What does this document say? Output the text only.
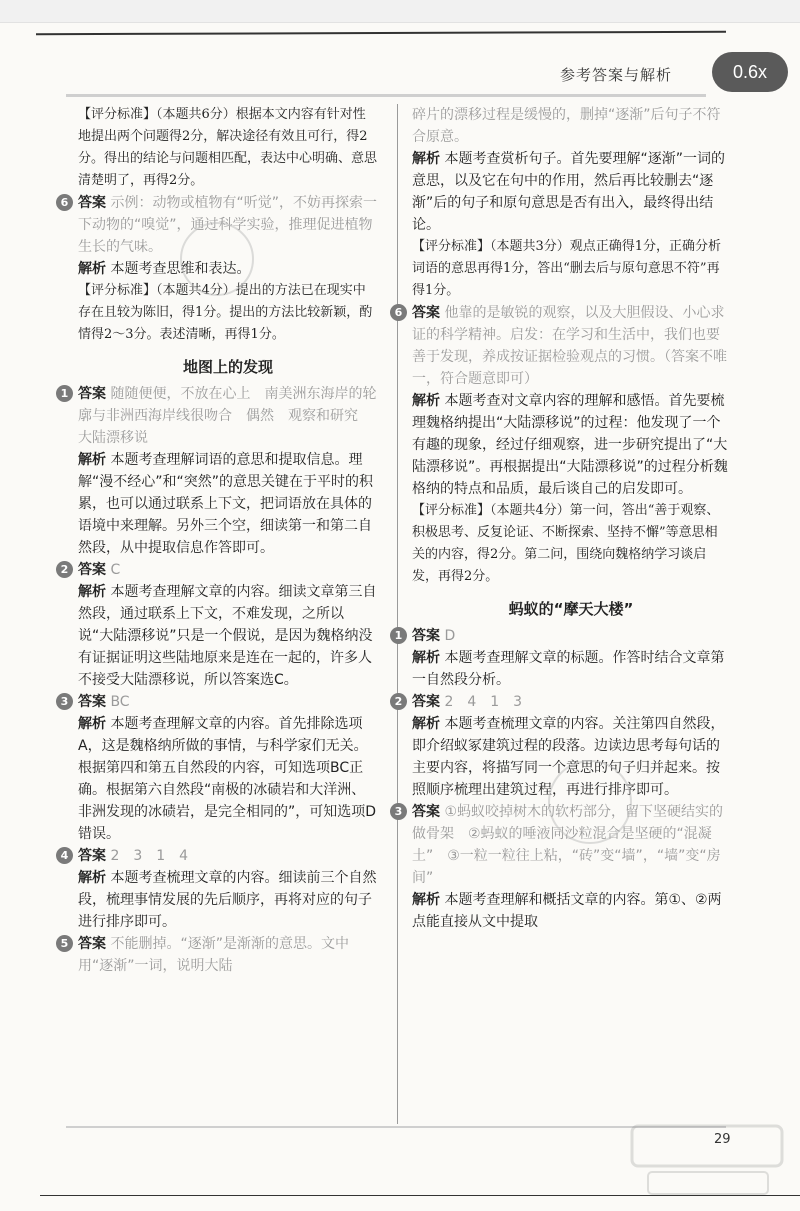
参考答案与解析	0.6x

【评分标准】（本题共6分）根据本文内容有针对性地提出两个问题得2分，解决途径有效且可行，得2分。得出的结论与问题相匹配，表达中心明确、意思清楚明了，再得2分。

6 答案 示例：动物或植物有“听觉”，不妨再探索一下动物的“嗅觉”，通过科学实验，推理促进植物生长的气味。

解析 本题考查思维和表达。

【评分标准】（本题共4分）提出的方法已在现实中存在且较为陈旧，得1分。提出的方法比较新颖，酌情得2～3分。表述清晰，再得1分。

地图上的发现
1 答案 随随便便，不放在心上　南美洲东海岸的轮廓与非洲西海岸线很吻合　偶然　观察和研究　大陆漂移说

解析 本题考查理解词语的意思和提取信息。理解“漫不经心”和“突然”的意思关键在于平时的积累，也可以通过联系上下文，把词语放在具体的语境中来理解。另外三个空，细读第一和第二自然段，从中提取信息作答即可。

2 答案 C

解析 本题考查理解文章的内容。细读文章第三自然段，通过联系上下文，不难发现，之所以说“大陆漂移说”只是一个假说，是因为魏格纳没有证据证明这些陆地原来是连在一起的，许多人不接受大陆漂移说，所以答案选C。

3 答案 BC

解析 本题考查理解文章的内容。首先排除选项A，这是魏格纳所做的事情，与科学家们无关。根据第四和第五自然段的内容，可知选项BC正确。根据第六自然段“南极的冰碛岩和大洋洲、非洲发现的冰碛岩，是完全相同的”，可知选项D错误。

4 答案 2　3　1　4

解析 本题考查梳理文章的内容。细读前三个自然段，梳理事情发展的先后顺序，再将对应的句子进行排序即可。

5 答案 不能删掉。“逐渐”是渐渐的意思。文中用“逐渐”一词，说明大陆

碎片的漂移过程是缓慢的，删掉“逐渐”后句子不符合原意。

解析 本题考查赏析句子。首先要理解“逐渐”一词的意思，以及它在句中的作用，然后再比较删去“逐渐”后的句子和原句意思是否有出入，最终得出结论。

【评分标准】（本题共3分）观点正确得1分，正确分析词语的意思再得1分，答出“删去后与原句意思不符”再得1分。

6 答案 他靠的是敏锐的观察，以及大胆假设、小心求证的科学精神。启发：在学习和生活中，我们也要善于发现，养成按证据检验观点的习惯。（答案不唯一，符合题意即可）

解析 本题考查对文章内容的理解和感悟。首先要梳理魏格纳提出“大陆漂移说”的过程：他发现了一个有趣的现象，经过仔细观察，进一步研究提出了“大陆漂移说”。再根据提出“大陆漂移说”的过程分析魏格纳的特点和品质，最后谈自己的启发即可。

【评分标准】（本题共4分）第一问，答出“善于观察、积极思考、反复论证、不断探索、坚持不懈”等意思相关的内容，得2分。第二问，围绕向魏格纳学习谈启发，再得2分。

蚂蚁的“摩天大楼”
1 答案 D

解析 本题考查理解文章的标题。作答时结合文章第一自然段分析。

2 答案 2　4　1　3

解析 本题考查梳理文章的内容。关注第四自然段，即介绍蚁冢建筑过程的段落。边读边思考每句话的主要内容，将描写同一个意思的句子归并起来。按照顺序梳理出建筑过程，再进行排序即可。

3 答案 ①蚂蚁咬掉树木的软朽部分，留下坚硬结实的做骨架　②蚂蚁的唾液同沙粒混合是坚硬的“混凝土”　③一粒一粒往上粘，“砖”变“墙”，“墙”变“房间”

解析 本题考查理解和概括文章的内容。第①、②两点能直接从文中提取

29
